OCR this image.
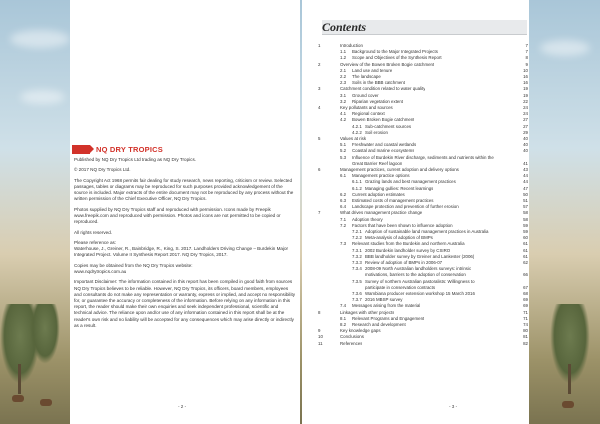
NQ DRY TROPICS

Published by NQ Dry Tropics Ltd trading as NQ Dry Tropics.

© 2017 NQ Dry Tropics Ltd.

The Copyright Act 1968 permits fair dealing for study research, news reporting, criticism or review. Selected passages, tables or diagrams may be reproduced for such purposes provided acknowledgement of the source is included. Major extracts of the entire document may not be reproduced by any process without the written permission of the Chief Executive Officer, NQ Dry Tropics.

Photos supplied by NQ Dry Tropics staff and reproduced with permission. Icons made by Freepik www.freepik.com and reproduced with permission. Photos and icons are not permitted to be copied or reproduced.

All rights reserved.

Please reference as:
Waterhouse, J., Greiner, R., Bainbridge, R., King, S. 2017. Landholders Driving Change – Burdekin Major Integrated Project. Volume II Synthesis Report 2017. NQ Dry Tropics, 2017.

Copies may be obtained from the NQ Dry Tropics website:
www.nqdrytropics.com.au

Important Disclaimer: The information contained in this report has been compiled in good faith from sources NQ Dry Tropics believes to be reliable. However, NQ Dry Tropics, its officers, board members, employees and consultants do not make any representation or warranty, express or implied, and accept no responsibility for, or guarantee the accuracy or completeness of the information. Before relying on any information in this report, the reader should make their own enquiries and seek independent professional, scientific and technical advice. The reliance upon and/or use of any information contained in this report shall be at the reader's own risk and no liability will be accepted for any consequences which may arise directly or indirectly as a result.

- 2 -
Contents
1	Introduction	7
1.1 Background to the Major Integrated Projects	7
1.2 Scope and Objectives of the Synthesis Report	8
2	Overview of the Bowen Broken Bogie catchment	9
2.1 Land use and tenure	10
2.2 The landscape	16
2.3 Soils in the BBB catchment	16
3	Catchment condition related to water quality	19
3.1 Ground cover	19
3.2 Riparian vegetation extent	22
4	Key pollutants and sources	24
4.1 Regional context	24
4.2 Bowen Broken Bogie catchment	27
4.2.1 Sub-catchment sources	27
4.2.2 Soil erosion	29
5	Values at risk	40
5.1 Freshwater and coastal wetlands	40
5.2 Coastal and marine ecosystems	40
5.3 Influence of Burdekin River discharge, sediments and nutrients within the
Great Barrier Reef lagoon	41
6	Management practices, current adoption and delivery options	43
6.1 Management practice options	44
6.1.1 Grazing lands and best management practices	44
6.1.2 Managing gullies: Recent learnings	47
6.2 Current adoption estimates	50
6.3 Estimated costs of management practices	51
6.4 Landscape protection and prevention of further erosion	57
7	What drives management practice change	58
7.1 Adoption theory	58
7.2 Factors that have been shown to influence adoption	59
7.2.1 Adoption of sustainable land management practices in Australia	59
7.2.2 Meta-analysis of adoption of BMPs	60
7.3 Relevant studies from the Burdekin and northern Australia	61
7.3.1 2002 Burdekin landholder survey by CSIRO	61
7.3.2 BBB landholder survey by Greiner and Lankester (2006)	61
7.3.3 Review of adoption of BMPs in 2006-07	62
7.3.4 2008-09 North Australian landholders surveys: intrinsic
motivations, barriers to the adoption of conservation	66
7.3.5 Survey of northern Australian pastoralists: Willingness to
participate in conservation contracts	67
7.3.6 Wambiana producer extension workshop 15 March 2016	68
7.3.7 2016 MBSP survey	69
7.4 Messages arising from the material	69
8	Linkages with other projects	71
8.1 Relevant Programs and Engagement	71
8.2 Research and development	74
9	Key knowledge gaps	80
10	Conclusions	81
11	References	82
- 3 -
